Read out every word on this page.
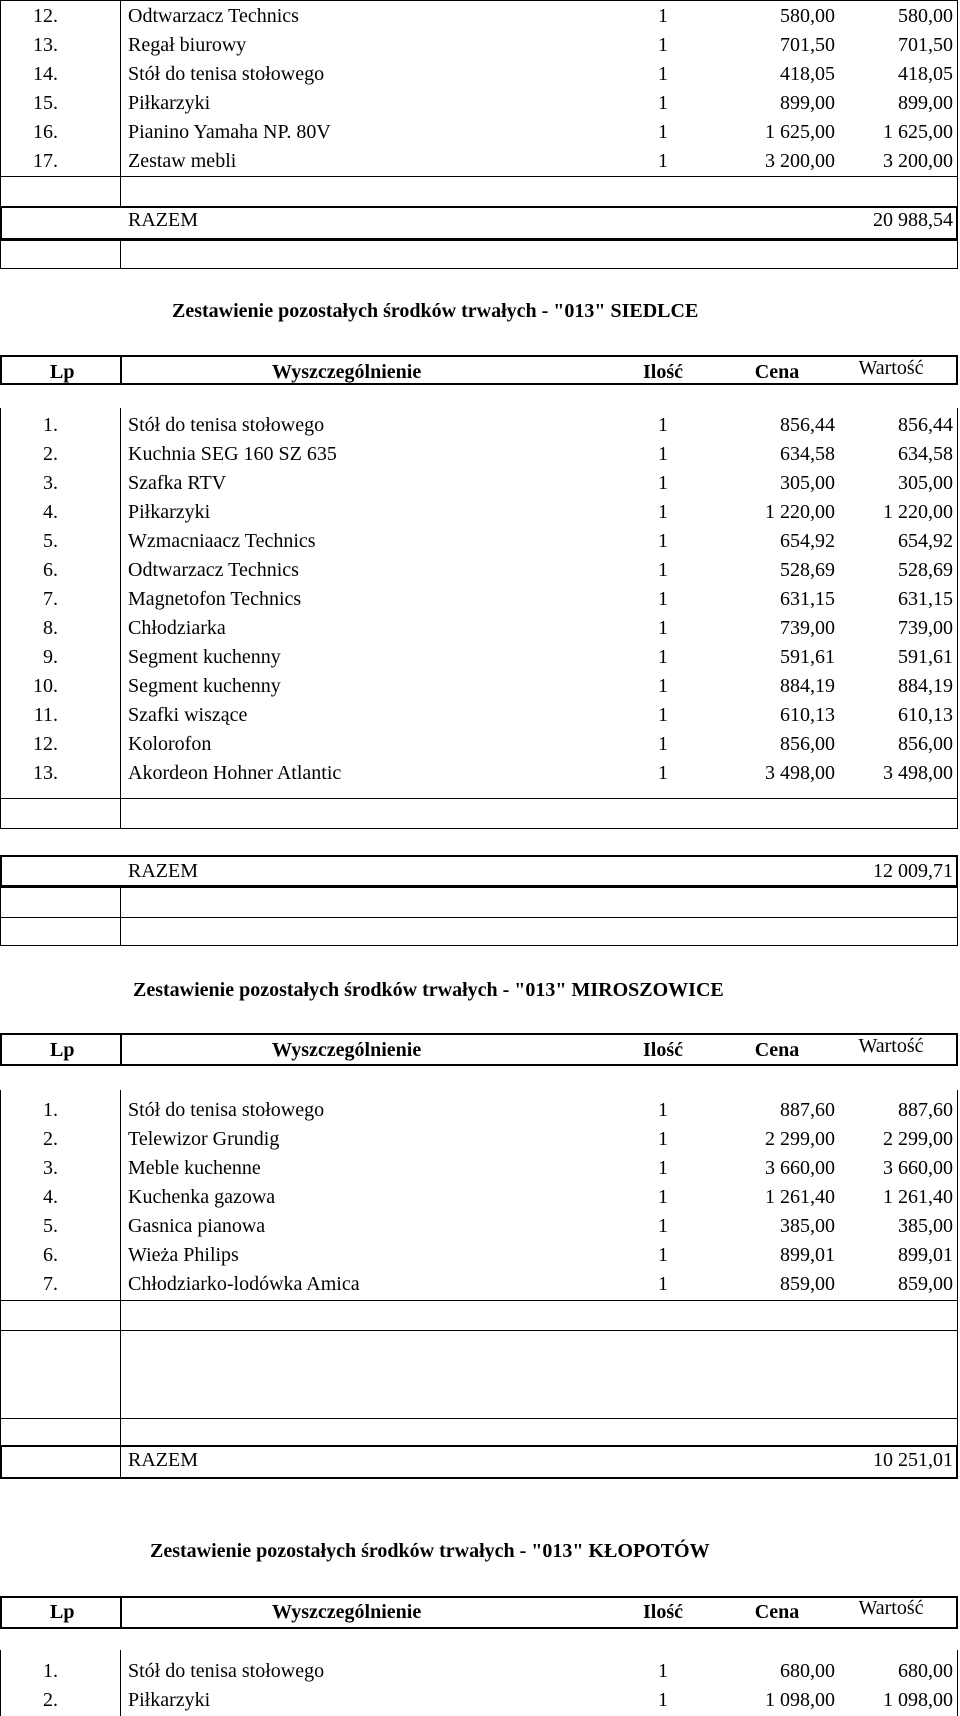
12.	Odtwarzacz Technics	1	580,00	580,00
13.	Regał biurowy	1	701,50	701,50
14.	Stół do tenisa stołowego	1	418,05	418,05
15.	Piłkarzyki	1	899,00	899,00
16.	Pianino Yamaha NP. 80V	1	1 625,00	1 625,00
17.	Zestaw mebli	1	3 200,00	3 200,00
RAZEM	20 988,54
Zestawienie pozostałych środków trwałych - "013" SIEDLCE
Lp	Wyszczególnienie	Ilość	Cena	Wartość
1.	Stół do tenisa stołowego	1	856,44	856,44
2.	Kuchnia SEG 160 SZ 635	1	634,58	634,58
3.	Szafka RTV	1	305,00	305,00
4.	Piłkarzyki	1	1 220,00	1 220,00
5.	Wzmacniaacz Technics	1	654,92	654,92
6.	Odtwarzacz Technics	1	528,69	528,69
7.	Magnetofon Technics	1	631,15	631,15
8.	Chłodziarka	1	739,00	739,00
9.	Segment kuchenny	1	591,61	591,61
10.	Segment kuchenny	1	884,19	884,19
11.	Szafki wiszące	1	610,13	610,13
12.	Kolorofon	1	856,00	856,00
13.	Akordeon Hohner Atlantic	1	3 498,00	3 498,00
RAZEM	12 009,71
Zestawienie pozostałych środków trwałych - "013" MIROSZOWICE
Lp	Wyszczególnienie	Ilość	Cena	Wartość
1.	Stół do tenisa stołowego	1	887,60	887,60
2.	Telewizor Grundig	1	2 299,00	2 299,00
3.	Meble kuchenne	1	3 660,00	3 660,00
4.	Kuchenka gazowa	1	1 261,40	1 261,40
5.	Gasnica pianowa	1	385,00	385,00
6.	Wieża Philips	1	899,01	899,01
7.	Chłodziarko-lodówka Amica	1	859,00	859,00
RAZEM	10 251,01
Zestawienie pozostałych środków trwałych - "013" KŁOPOTÓW
Lp	Wyszczególnienie	Ilość	Cena	Wartość
1.	Stół do tenisa stołowego	1	680,00	680,00
2.	Piłkarzyki	1	1 098,00	1 098,00
